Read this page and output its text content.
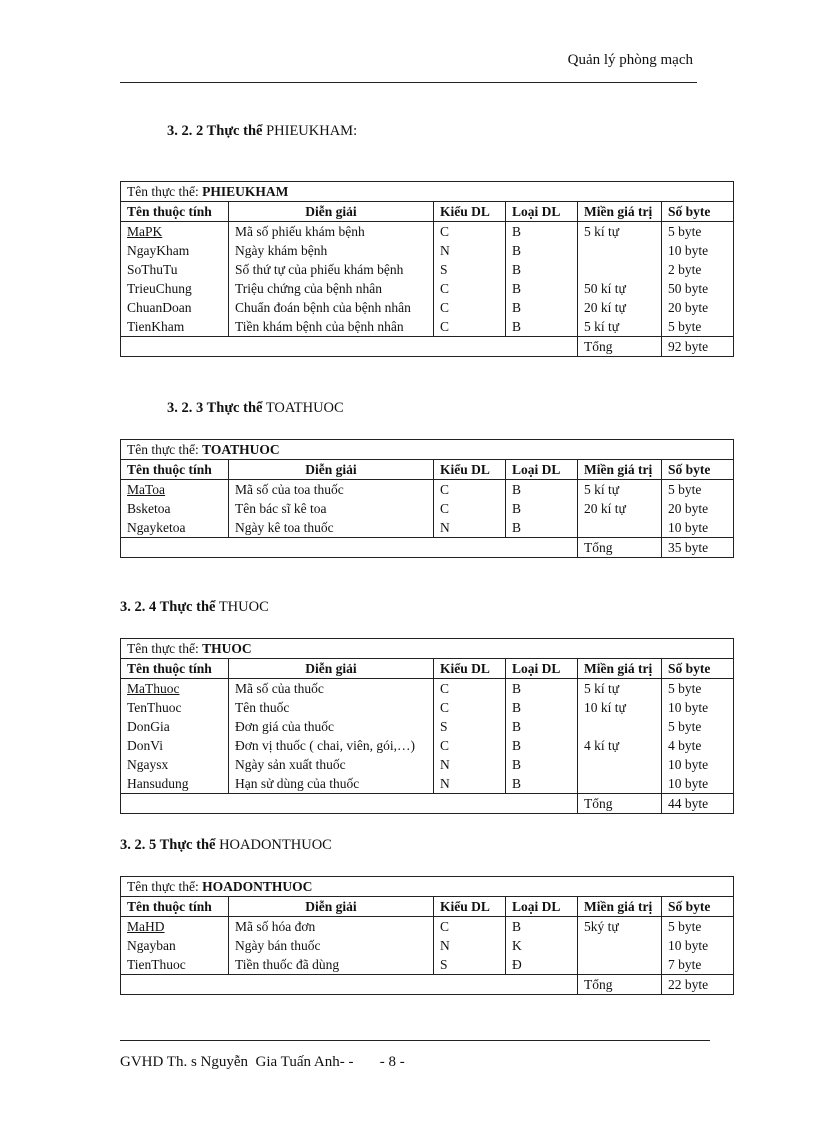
Quản lý phòng mạch
3. 2. 2 Thực thể PHIEUKHAM:
Tên thực thể: PHIEUKHAM					
Tên thuộc tính	Diễn giải	Kiểu DL	Loại DL	Miền giá trị	Số byte
MaPK	Mã số phiếu khám bệnh	C	B	5 kí tự	5 byte
NgayKham	Ngày khám bệnh	N	B		10 byte
SoThuTu	Số thứ tự của phiếu khám bệnh	S	B		2 byte
TrieuChung	Triệu chứng của bệnh nhân	C	B	50 kí tự	50 byte
ChuanDoan	Chuẩn đoán bệnh của bệnh nhân	C	B	20 kí tự	20 byte
TienKham	Tiền khám bệnh của bệnh nhân	C	B	5 kí tự	5 byte
				Tổng	92 byte
3. 2. 3 Thực thể TOATHUOC
Tên thực thể: TOATHUOC					
Tên thuộc tính	Diễn giải	Kiểu DL	Loại DL	Miền giá trị	Số byte
MaToa	Mã số của toa thuốc	C	B	5 kí tự	5 byte
Bsketoa	Tên bác sĩ kê toa	C	B	20 kí tự	20 byte
Ngayketoa	Ngày kê toa thuốc	N	B		10 byte
				Tổng	35 byte
3. 2. 4 Thực thể THUOC
Tên thực thể: THUOC					
Tên thuộc tính	Diễn giải	Kiểu DL	Loại DL	Miền giá trị	Số byte
MaThuoc	Mã số của thuốc	C	B	5 kí tự	5 byte
TenThuoc	Tên thuốc	C	B	10 kí tự	10 byte
DonGia	Đơn giá của thuốc	S	B		5 byte
DonVi	Đơn vị thuốc ( chai, viên, gói,…)	C	B	4 kí tự	4 byte
Ngaysx	Ngày sản xuất thuốc	N	B		10 byte
Hansudung	Hạn sử dùng của thuốc	N	B		10 byte
				Tổng	44 byte
3. 2. 5 Thực thể HOADONTHUOC
Tên thực thể: HOADONTHUOC					
Tên thuộc tính	Diễn giải	Kiểu DL	Loại DL	Miền giá trị	Số byte
MaHD	Mã số hóa đơn	C	B	5ký tự	5 byte
Ngayban	Ngày bán thuốc	N	K		10 byte
TienThuoc	Tiền thuốc đã dùng	S	Đ		7 byte
				Tổng	22 byte
GVHD Th. s Nguyễn  Gia Tuấn Anh- -       - 8 -
